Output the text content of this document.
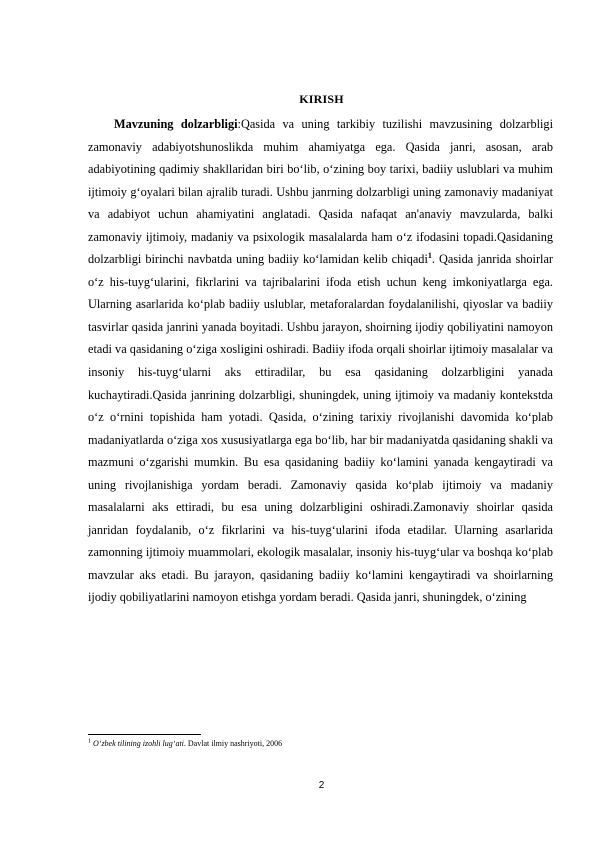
KIRISH

Mavzuning dolzarbligi:Qasida va uning tarkibiy tuzilishi mavzusining dolzarbligi zamonaviy adabiyotshunoslikda muhim ahamiyatga ega. Qasida janri, asosan, arab adabiyotining qadimiy shakllaridan biri bo‘lib, o‘zining boy tarixi, badiiy uslublari va muhim ijtimoiy g‘oyalari bilan ajralib turadi. Ushbu janrning dolzarbligi uning zamonaviy madaniyat va adabiyot uchun ahamiyatini anglatadi. Qasida nafaqat an'anaviy mavzularda, balki zamonaviy ijtimoiy, madaniy va psixologik masalalarda ham o‘z ifodasini topadi.Qasidaning dolzarbligi birinchi navbatda uning badiiy ko‘lamidan kelib chiqadi$^1$. Qasida janrida shoirlar o‘z his-tuyg‘ularini, fikrlarini va tajribalarini ifoda etish uchun keng imkoniyatlarga ega. Ularning asarlarida ko‘plab badiiy uslublar, metaforalardan foydalanilishi, qiyoslar va badiiy tasvirlar qasida janrini yanada boyitadi. Ushbu jarayon, shoirning ijodiy qobiliyatini namoyon etadi va qasidaning o‘ziga xosligini oshiradi. Badiiy ifoda orqali shoirlar ijtimoiy masalalar va insoniy his-tuyg‘ularni aks ettiradilar, bu esa qasidaning dolzarbligini yanada kuchaytiradi.Qasida janrining dolzarbligi, shuningdek, uning ijtimoiy va madaniy kontekstda o‘z o‘rnini topishida ham yotadi. Qasida, o‘zining tarixiy rivojlanishi davomida ko‘plab madaniyatlarda o‘ziga xos xususiyatlarga ega bo‘lib, har bir madaniyatda qasidaning shakli va mazmuni o‘zgarishi mumkin. Bu esa qasidaning badiiy ko‘lamini yanada kengaytiradi va uning rivojlanishiga yordam beradi. Zamonaviy qasida ko‘plab ijtimoiy va madaniy masalalarni aks ettiradi, bu esa uning dolzarbligini oshiradi.Zamonaviy shoirlar qasida janridan foydalanib, o‘z fikrlarini va his-tuyg‘ularini ifoda etadilar. Ularning asarlarida zamonning ijtimoiy muammolari, ekologik masalalar, insoniy his-tuyg‘ular va boshqa ko‘plab mavzular aks etadi. Bu jarayon, qasidaning badiiy ko‘lamini kengaytiradi va shoirlarning ijodiy qobiliyatlarini namoyon etishga yordam beradi. Qasida janri, shuningdek, o‘zining

$^1$ O‘zbek tilining izohli lug‘ati. Davlat ilmiy nashriyoti, 2006
2
